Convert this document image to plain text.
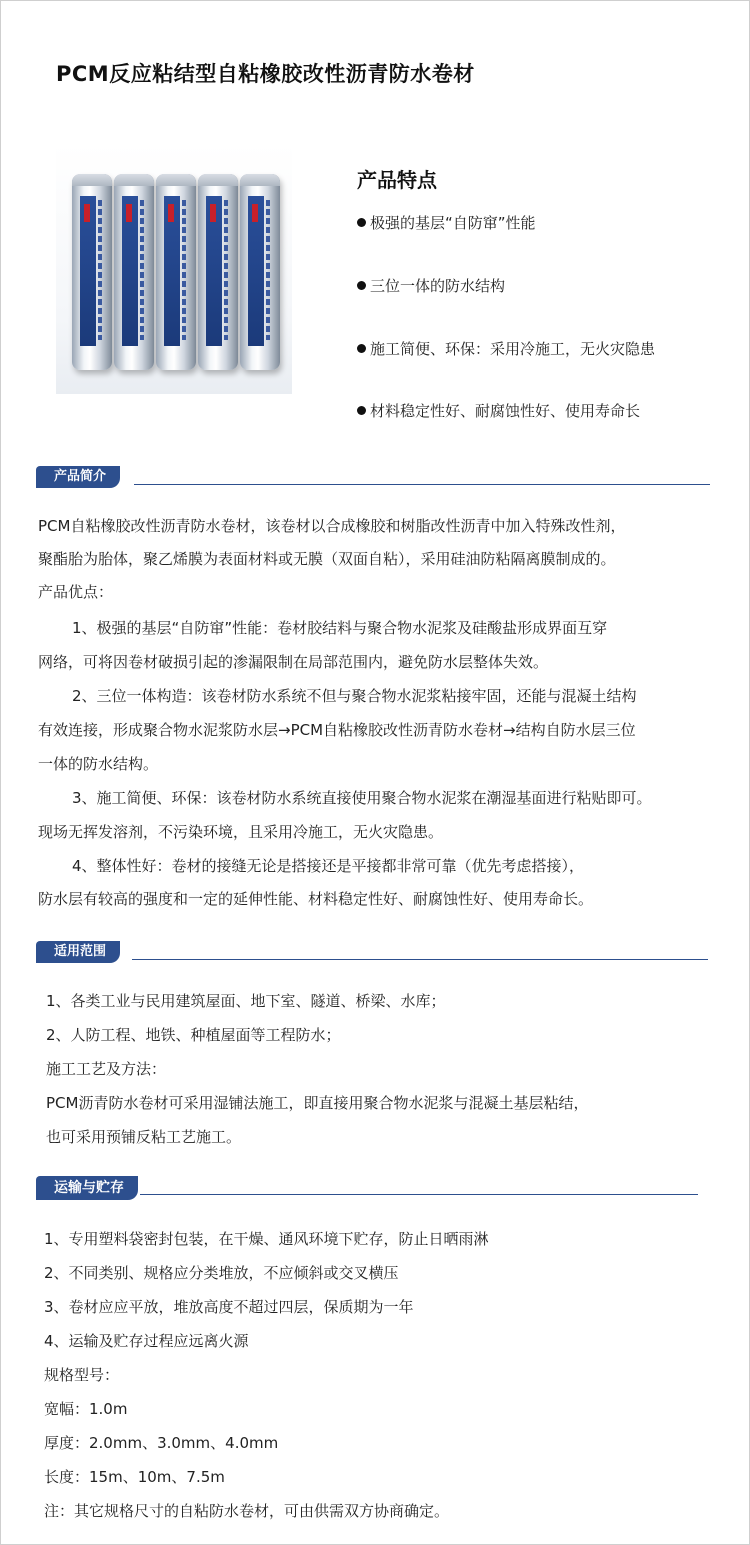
PCM反应粘结型自粘橡胶改性沥青防水卷材
产品特点
极强的基层“自防窜”性能
三位一体的防水结构
施工简便、环保：采用冷施工，无火灾隐患
材料稳定性好、耐腐蚀性好、使用寿命长
产品简介
PCM自粘橡胶改性沥青防水卷材，该卷材以合成橡胶和树脂改性沥青中加入特殊改性剂，
聚酯胎为胎体，聚乙烯膜为表面材料或无膜（双面自粘），采用硅油防粘隔离膜制成的。
产品优点：
1、极强的基层“自防窜”性能：卷材胶结料与聚合物水泥浆及硅酸盐形成界面互穿
网络，可将因卷材破损引起的渗漏限制在局部范围内，避免防水层整体失效。
2、三位一体构造：该卷材防水系统不但与聚合物水泥浆粘接牢固，还能与混凝土结构
有效连接，形成聚合物水泥浆防水层→PCM自粘橡胶改性沥青防水卷材→结构自防水层三位
一体的防水结构。
3、施工简便、环保：该卷材防水系统直接使用聚合物水泥浆在潮湿基面进行粘贴即可。
现场无挥发溶剂，不污染环境，且采用冷施工，无火灾隐患。
4、整体性好：卷材的接缝无论是搭接还是平接都非常可靠（优先考虑搭接），
防水层有较高的强度和一定的延伸性能、材料稳定性好、耐腐蚀性好、使用寿命长。
适用范围
1、各类工业与民用建筑屋面、地下室、隧道、桥梁、水库；
2、人防工程、地铁、种植屋面等工程防水；
施工工艺及方法：
PCM沥青防水卷材可采用湿铺法施工，即直接用聚合物水泥浆与混凝土基层粘结，
也可采用预铺反粘工艺施工。
运输与贮存
1、专用塑料袋密封包装，在干燥、通风环境下贮存，防止日晒雨淋
2、不同类别、规格应分类堆放，不应倾斜或交叉横压
3、卷材应应平放，堆放高度不超过四层，保质期为一年
4、运输及贮存过程应远离火源
规格型号：
宽幅：1.0m
厚度：2.0mm、3.0mm、4.0mm
长度：15m、10m、7.5m
注：其它规格尺寸的自粘防水卷材，可由供需双方协商确定。
